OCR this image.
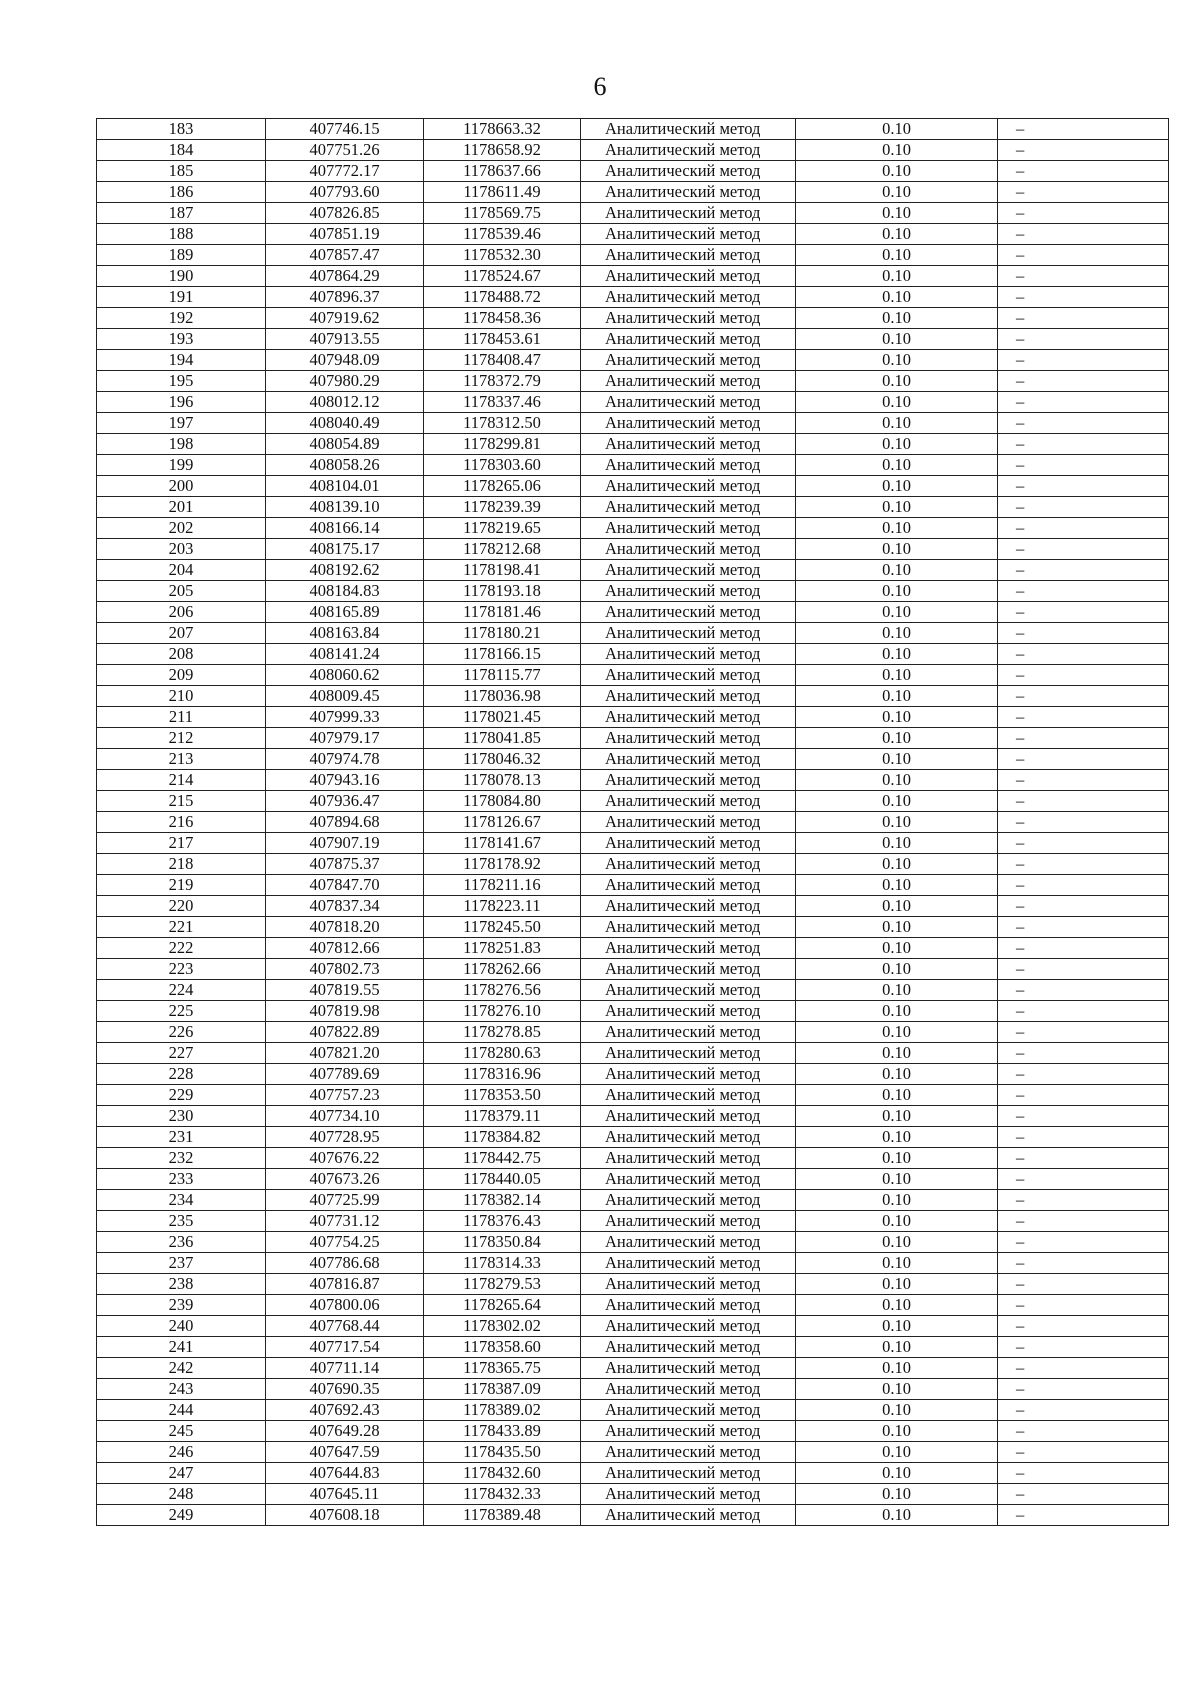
6
183	407746.15	1178663.32	Аналитический метод	0.10	–
184	407751.26	1178658.92	Аналитический метод	0.10	–
185	407772.17	1178637.66	Аналитический метод	0.10	–
186	407793.60	1178611.49	Аналитический метод	0.10	–
187	407826.85	1178569.75	Аналитический метод	0.10	–
188	407851.19	1178539.46	Аналитический метод	0.10	–
189	407857.47	1178532.30	Аналитический метод	0.10	–
190	407864.29	1178524.67	Аналитический метод	0.10	–
191	407896.37	1178488.72	Аналитический метод	0.10	–
192	407919.62	1178458.36	Аналитический метод	0.10	–
193	407913.55	1178453.61	Аналитический метод	0.10	–
194	407948.09	1178408.47	Аналитический метод	0.10	–
195	407980.29	1178372.79	Аналитический метод	0.10	–
196	408012.12	1178337.46	Аналитический метод	0.10	–
197	408040.49	1178312.50	Аналитический метод	0.10	–
198	408054.89	1178299.81	Аналитический метод	0.10	–
199	408058.26	1178303.60	Аналитический метод	0.10	–
200	408104.01	1178265.06	Аналитический метод	0.10	–
201	408139.10	1178239.39	Аналитический метод	0.10	–
202	408166.14	1178219.65	Аналитический метод	0.10	–
203	408175.17	1178212.68	Аналитический метод	0.10	–
204	408192.62	1178198.41	Аналитический метод	0.10	–
205	408184.83	1178193.18	Аналитический метод	0.10	–
206	408165.89	1178181.46	Аналитический метод	0.10	–
207	408163.84	1178180.21	Аналитический метод	0.10	–
208	408141.24	1178166.15	Аналитический метод	0.10	–
209	408060.62	1178115.77	Аналитический метод	0.10	–
210	408009.45	1178036.98	Аналитический метод	0.10	–
211	407999.33	1178021.45	Аналитический метод	0.10	–
212	407979.17	1178041.85	Аналитический метод	0.10	–
213	407974.78	1178046.32	Аналитический метод	0.10	–
214	407943.16	1178078.13	Аналитический метод	0.10	–
215	407936.47	1178084.80	Аналитический метод	0.10	–
216	407894.68	1178126.67	Аналитический метод	0.10	–
217	407907.19	1178141.67	Аналитический метод	0.10	–
218	407875.37	1178178.92	Аналитический метод	0.10	–
219	407847.70	1178211.16	Аналитический метод	0.10	–
220	407837.34	1178223.11	Аналитический метод	0.10	–
221	407818.20	1178245.50	Аналитический метод	0.10	–
222	407812.66	1178251.83	Аналитический метод	0.10	–
223	407802.73	1178262.66	Аналитический метод	0.10	–
224	407819.55	1178276.56	Аналитический метод	0.10	–
225	407819.98	1178276.10	Аналитический метод	0.10	–
226	407822.89	1178278.85	Аналитический метод	0.10	–
227	407821.20	1178280.63	Аналитический метод	0.10	–
228	407789.69	1178316.96	Аналитический метод	0.10	–
229	407757.23	1178353.50	Аналитический метод	0.10	–
230	407734.10	1178379.11	Аналитический метод	0.10	–
231	407728.95	1178384.82	Аналитический метод	0.10	–
232	407676.22	1178442.75	Аналитический метод	0.10	–
233	407673.26	1178440.05	Аналитический метод	0.10	–
234	407725.99	1178382.14	Аналитический метод	0.10	–
235	407731.12	1178376.43	Аналитический метод	0.10	–
236	407754.25	1178350.84	Аналитический метод	0.10	–
237	407786.68	1178314.33	Аналитический метод	0.10	–
238	407816.87	1178279.53	Аналитический метод	0.10	–
239	407800.06	1178265.64	Аналитический метод	0.10	–
240	407768.44	1178302.02	Аналитический метод	0.10	–
241	407717.54	1178358.60	Аналитический метод	0.10	–
242	407711.14	1178365.75	Аналитический метод	0.10	–
243	407690.35	1178387.09	Аналитический метод	0.10	–
244	407692.43	1178389.02	Аналитический метод	0.10	–
245	407649.28	1178433.89	Аналитический метод	0.10	–
246	407647.59	1178435.50	Аналитический метод	0.10	–
247	407644.83	1178432.60	Аналитический метод	0.10	–
248	407645.11	1178432.33	Аналитический метод	0.10	–
249	407608.18	1178389.48	Аналитический метод	0.10	–
